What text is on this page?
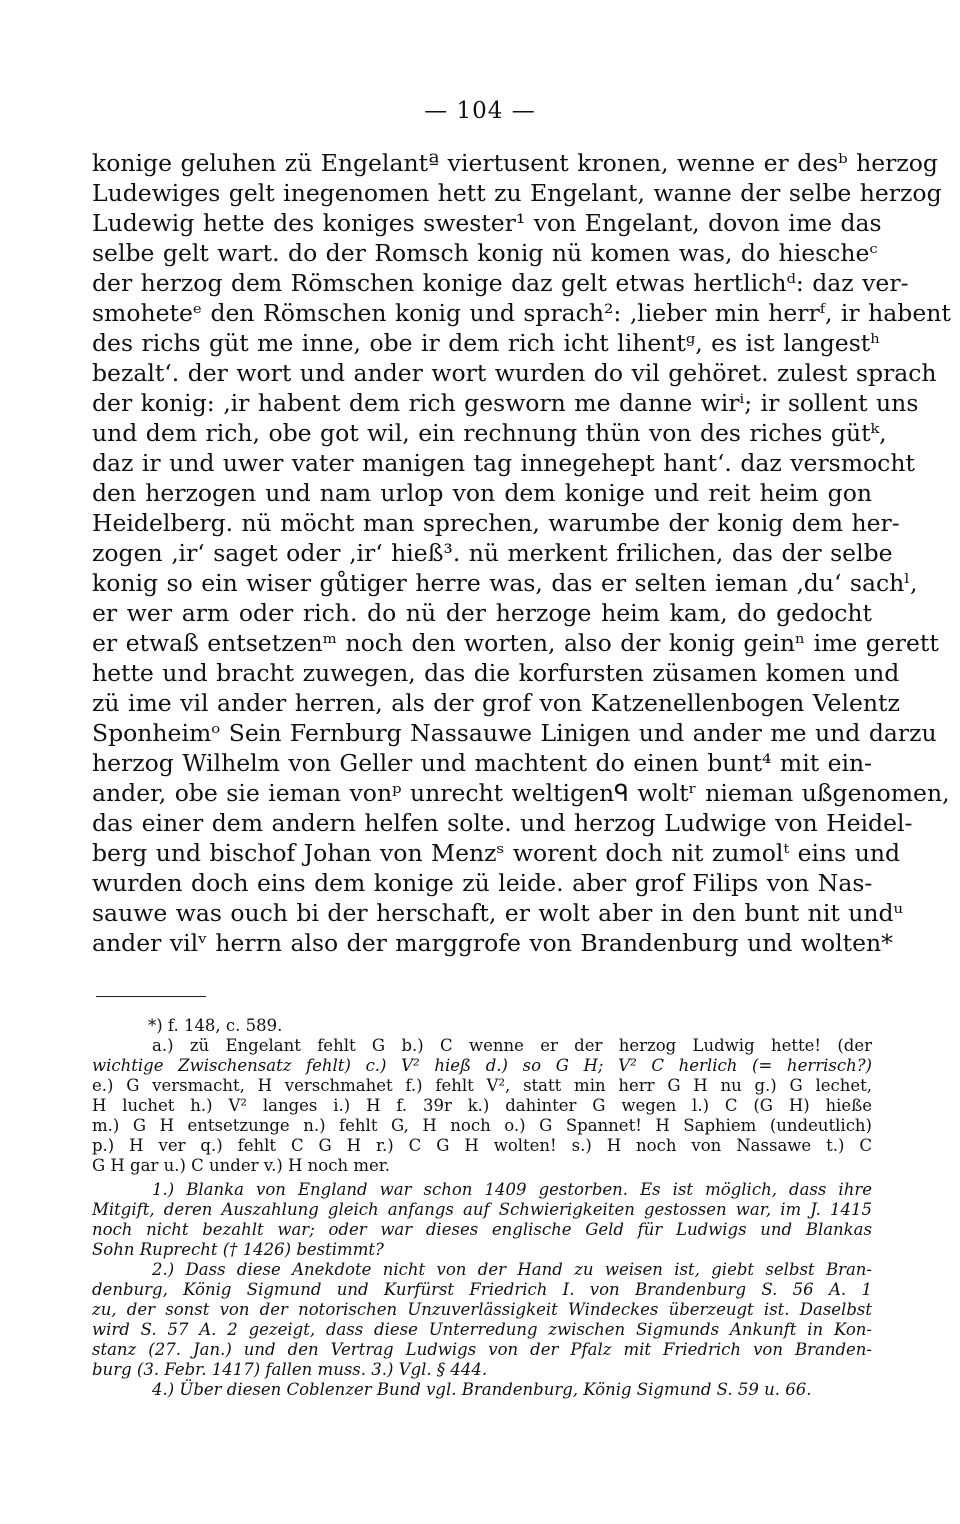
— 104 —
konige geluhen zü Engelantª viertusent kronen, wenne er desᵇ herzog
Ludewiges gelt inegenomen hett zu Engelant, wanne der selbe herzog
Ludewig hette des koniges swester¹ von Engelant, dovon ime das
selbe gelt wart. do der Romsch konig nü komen was, do hiescheᶜ
der herzog dem Römschen konige daz gelt etwas hertlichᵈ: daz ver-
smoheteᵉ den Römschen konig und sprach²: ‚lieber min herrᶠ, ir habent
des richs güt me inne, obe ir dem rich icht lihentᵍ, es ist langestʰ
bezalt‘. der wort und ander wort wurden do vil gehöret. zulest sprach
der konig: ‚ir habent dem rich gesworn me danne wirⁱ; ir sollent uns
und dem rich, obe got wil, ein rechnung thün von des riches gütᵏ,
daz ir und uwer vater manigen tag innegehept hant‘. daz versmocht
den herzogen und nam urlop von dem konige und reit heim gon
Heidelberg. nü möcht man sprechen, warumbe der konig dem her-
zogen ‚ir‘ saget oder ‚ir‘ hieß³. nü merkent frilichen, das der selbe
konig so ein wiser gůtiger herre was, das er selten ieman ‚du‘ sachˡ,
er wer arm oder rich. do nü der herzoge heim kam, do gedocht
er etwaß entsetzenᵐ noch den worten, also der konig geinⁿ ime gerett
hette und bracht zuwegen, das die korfursten züsamen komen und
zü ime vil ander herren, als der grof von Katzenellenbogen Velentz
Sponheimᵒ Sein Fernburg Nassauwe Linigen und ander me und darzu
herzog Wilhelm von Geller und machtent do einen bunt⁴ mit ein-
ander, obe sie ieman vonᵖ unrecht weltigenᑫ woltʳ nieman ußgenomen,
das einer dem andern helfen solte. und herzog Ludwige von Heidel-
berg und bischof Johan von Menzˢ worent doch nit zumolᵗ eins und
wurden doch eins dem konige zü leide. aber grof Filips von Nas-
sauwe was ouch bi der herschaft, er wolt aber in den bunt nit undᵘ
ander vilᵛ herrn also der marggrofe von Brandenburg und wolten*
*) f. 148, c. 589.
a.) zü Engelant fehlt G b.) C wenne er der herzog Ludwig hette! (der
wichtige Zwischensatz fehlt) c.) V² hieß d.) so G H; V² C herlich (= herrisch?)
e.) G versmacht, H verschmahet f.) fehlt V², statt min herr G H nu g.) G lechet,
H luchet h.) V² langes i.) H f. 39r k.) dahinter G wegen l.) C (G H) hieße
m.) G H entsetzunge n.) fehlt G, H noch o.) G Spannet! H Saphiem (undeutlich)
p.) H ver q.) fehlt C G H r.) C G H wolten! s.) H noch von Nassawe t.) C
G H gar u.) C under v.) H noch mer.
1.) Blanka von England war schon 1409 gestorben. Es ist möglich, dass ihre
Mitgift, deren Auszahlung gleich anfangs auf Schwierigkeiten gestossen war, im J. 1415
noch nicht bezahlt war; oder war dieses englische Geld für Ludwigs und Blankas
Sohn Ruprecht († 1426) bestimmt?
2.) Dass diese Anekdote nicht von der Hand zu weisen ist, giebt selbst Bran-
denburg, König Sigmund und Kurfürst Friedrich I. von Brandenburg S. 56 A. 1
zu, der sonst von der notorischen Unzuverlässigkeit Windeckes überzeugt ist. Daselbst
wird S. 57 A. 2 gezeigt, dass diese Unterredung zwischen Sigmunds Ankunft in Kon-
stanz (27. Jan.) und den Vertrag Ludwigs von der Pfalz mit Friedrich von Branden-
burg (3. Febr. 1417) fallen muss. 3.) Vgl. § 444.
4.) Über diesen Coblenzer Bund vgl. Brandenburg, König Sigmund S. 59 u. 66.
